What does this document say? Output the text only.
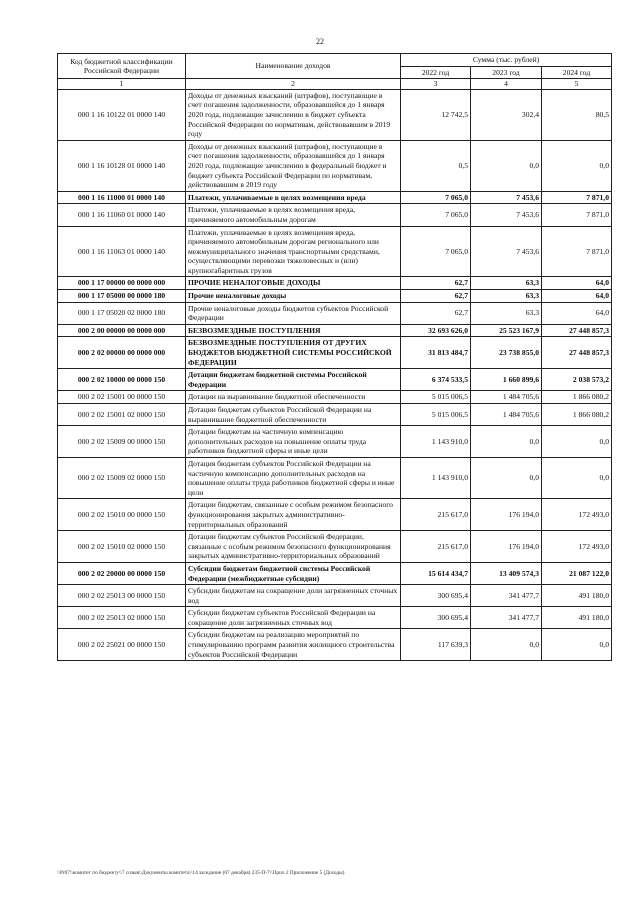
22
Код бюджетной классификации Российской Федерации	Наименование доходов	Сумма (тыс. рублей)		
		2022 год	2023 год	2024 год
1	2	3	4	5
000 1 16 10122 01 0000 140	Доходы от денежных взысканий (штрафов), поступающие в счет погашения задолженности, образовавшейся до 1 января 2020 года, подлежащие зачислению в бюджет субъекта Российской Федерации по нормативам, действовавшим в 2019 году	12 742,5	302,4	80,5
000 1 16 10128 01 0000 140	Доходы от денежных взысканий (штрафов), поступающие в счет погашения задолженности, образовавшейся до 1 января 2020 года, подлежащие зачислению в федеральный бюджет и бюджет субъекта Российской Федерации по нормативам, действовавшим в 2019 году	0,5	0,0	0,0
000 1 16 11000 01 0000 140	Платежи, уплачиваемые в целях возмещения вреда	7 065,0	7 453,6	7 871,0
000 1 16 11060 01 0000 140	Платежи, уплачиваемые в целях возмещения вреда, причиняемого автомобильным дорогам	7 065,0	7 453,6	7 871,0
000 1 16 11063 01 0000 140	Платежи, уплачиваемые в целях возмещения вреда, причиняемого автомобильным дорогам регионального или межмуниципального значения транспортными средствами, осуществляющими перевозки тяжеловесных и (или) крупногабаритных грузов	7 065,0	7 453,6	7 871,0
000 1 17 00000 00 0000 000	ПРОЧИЕ НЕНАЛОГОВЫЕ ДОХОДЫ	62,7	63,3	64,0
000 1 17 05000 00 0000 180	Прочие неналоговые доходы	62,7	63,3	64,0
000 1 17 05020 02 0000 180	Прочие неналоговые доходы бюджетов субъектов Российской Федерации	62,7	63,3	64,0
000 2 00 00000 00 0000 000	БЕЗВОЗМЕЗДНЫЕ ПОСТУПЛЕНИЯ	32 693 626,0	25 523 167,9	27 448 857,3
000 2 02 00000 00 0000 000	БЕЗВОЗМЕЗДНЫЕ ПОСТУПЛЕНИЯ ОТ ДРУГИХ БЮДЖЕТОВ БЮДЖЕТНОЙ СИСТЕМЫ РОССИЙСКОЙ ФЕДЕРАЦИИ	31 813 484,7	23 738 855,0	27 448 857,3
000 2 02 10000 00 0000 150	Дотации бюджетам бюджетной системы Российской Федерации	6 374 533,5	1 660 899,6	2 038 573,2
000 2 02 15001 00 0000 150	Дотации на выравнивание бюджетной обеспеченности	5 015 006,5	1 484 705,6	1 866 080,2
000 2 02 15001 02 0000 150	Дотации бюджетам субъектов Российской Федерации на выравнивание бюджетной обеспеченности	5 015 006,5	1 484 705,6	1 866 080,2
000 2 02 15009 00 0000 150	Дотации бюджетам на частичную компенсацию дополнительных расходов на повышение оплаты труда работников бюджетной сферы и иные цели	1 143 910,0	0,0	0,0
000 2 02 15009 02 0000 150	Дотация бюджетам субъектов Российской Федерации на частичную компенсацию дополнительных расходов на повышение оплаты труда работников бюджетной сферы и иные цели	1 143 910,0	0,0	0,0
000 2 02 15010 00 0000 150	Дотации бюджетам, связанные с особым режимом безопасного функционирования закрытых административно-территориальных образований	215 617,0	176 194,0	172 493,0
000 2 02 15010 02 0000 150	Дотации бюджетам субъектов Российской Федерации, связанные с особым режимом безопасного функционирования закрытых административно-территориальных образований	215 617,0	176 194,0	172 493,0
000 2 02 20000 00 0000 150	Субсидии бюджетам бюджетной системы Российской Федерации (межбюджетные субсидии)	15 614 434,7	13 409 574,3	21 087 122,0
000 2 02 25013 00 0000 150	Субсидии бюджетам на сокращение доли загрязненных сточных вод	300 695,4	341 477,7	491 180,0
000 2 02 25013 02 0000 150	Субсидии бюджетам субъектов Российской Федерации на сокращение доли загрязненных сточных вод	300 695,4	341 477,7	491 180,0
000 2 02 25021 00 0000 150	Субсидии бюджетам на реализацию мероприятий по стимулированию программ развития жилищного строительства субъектов Российской Федерации	117 639,3	0,0	0,0
\\Pr07\\комитет по бюджету\\7 созыв\\Документы комитета\\14 заседание (07 декабря) 235-П-7\\Прил 2 Приложение 5 (Доходы)
